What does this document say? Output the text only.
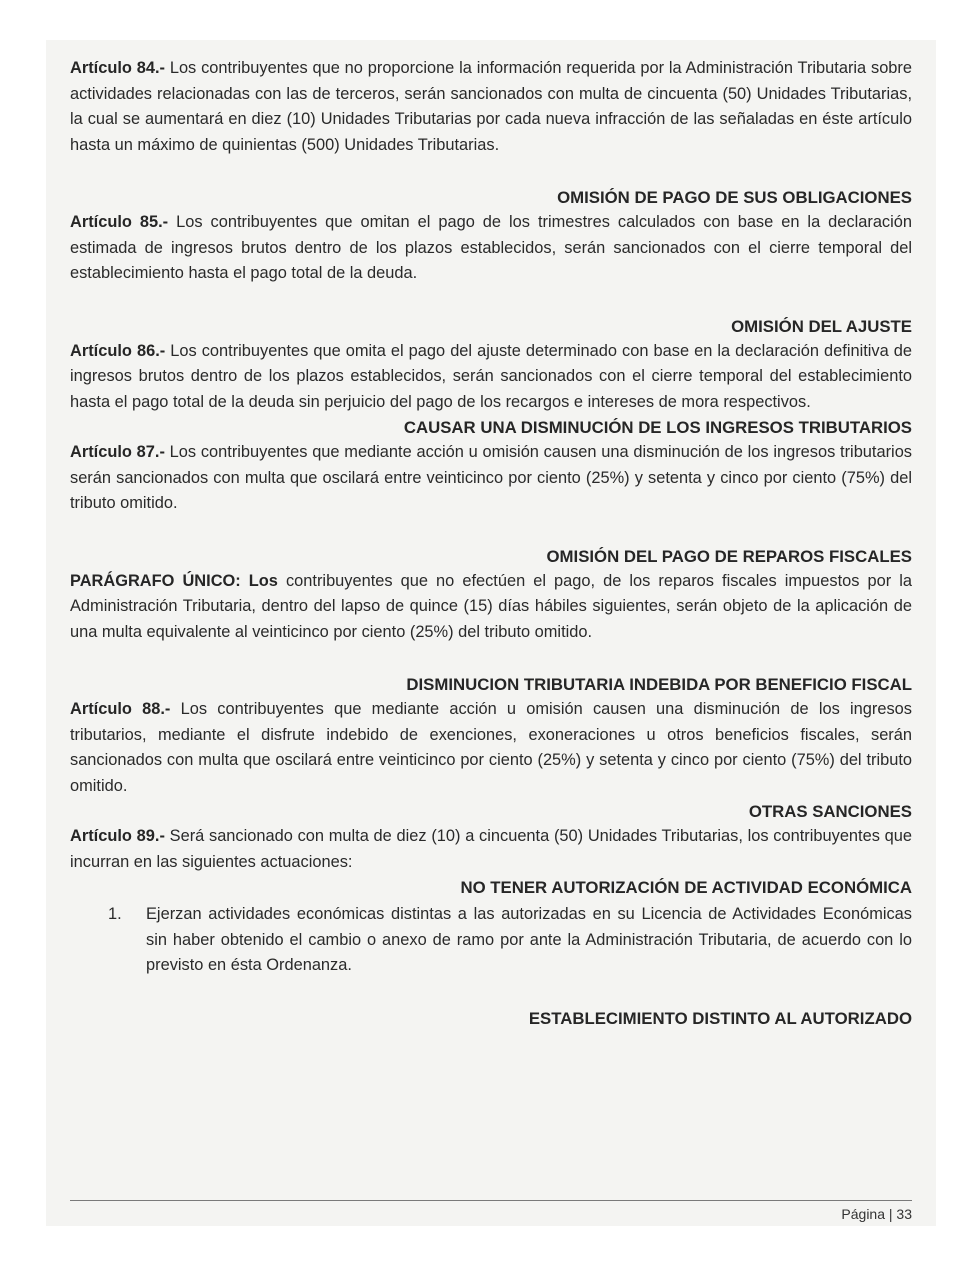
Artículo 84.- Los contribuyentes que no proporcione la información requerida por la Administración Tributaria sobre actividades relacionadas con las de terceros, serán sancionados con multa de cincuenta (50) Unidades Tributarias, la cual se aumentará en diez (10) Unidades Tributarias por cada nueva infracción de las señaladas en éste artículo hasta un máximo de quinientas (500) Unidades Tributarias.

OMISIÓN DE PAGO DE SUS OBLIGACIONES

Artículo 85.- Los contribuyentes que omitan el pago de los trimestres calculados con base en la declaración estimada de ingresos brutos dentro de los plazos establecidos, serán sancionados con el cierre temporal del establecimiento hasta el pago total de la deuda.

OMISIÓN DEL AJUSTE

Artículo 86.- Los contribuyentes que omita el pago del ajuste determinado con base en la declaración definitiva de ingresos brutos dentro de los plazos establecidos, serán sancionados con el cierre temporal del establecimiento hasta el pago total de la deuda sin perjuicio del pago de los recargos e intereses de mora respectivos.

CAUSAR UNA DISMINUCIÓN DE LOS INGRESOS TRIBUTARIOS

Artículo 87.- Los contribuyentes que mediante acción u omisión causen una disminución de los ingresos tributarios serán sancionados con multa que oscilará entre veinticinco por ciento (25%) y setenta y cinco por ciento (75%) del tributo omitido.

OMISIÓN DEL PAGO DE REPAROS FISCALES

PARÁGRAFO ÚNICO: Los contribuyentes que no efectúen el pago, de los reparos fiscales impuestos por la Administración Tributaria, dentro del lapso de quince (15) días hábiles siguientes, serán objeto de la aplicación de una multa equivalente al veinticinco por ciento (25%) del tributo omitido.

DISMINUCION TRIBUTARIA INDEBIDA POR BENEFICIO FISCAL

Artículo 88.- Los contribuyentes que mediante acción u omisión causen una disminución de los ingresos tributarios, mediante el disfrute indebido de exenciones, exoneraciones u otros beneficios fiscales, serán sancionados con multa que oscilará entre veinticinco por ciento (25%) y setenta y cinco por ciento (75%) del tributo omitido.

OTRAS SANCIONES

Artículo 89.- Será sancionado con multa de diez (10) a cincuenta (50) Unidades Tributarias, los contribuyentes que incurran en las siguientes actuaciones:

NO TENER AUTORIZACIÓN DE ACTIVIDAD ECONÓMICA
1.	Ejerzan actividades económicas distintas a las autorizadas en su Licencia de Actividades Económicas sin haber obtenido el cambio o anexo de ramo por ante la Administración Tributaria, de acuerdo con lo previsto en ésta Ordenanza.
ESTABLECIMIENTO DISTINTO AL AUTORIZADO
Página | 33
